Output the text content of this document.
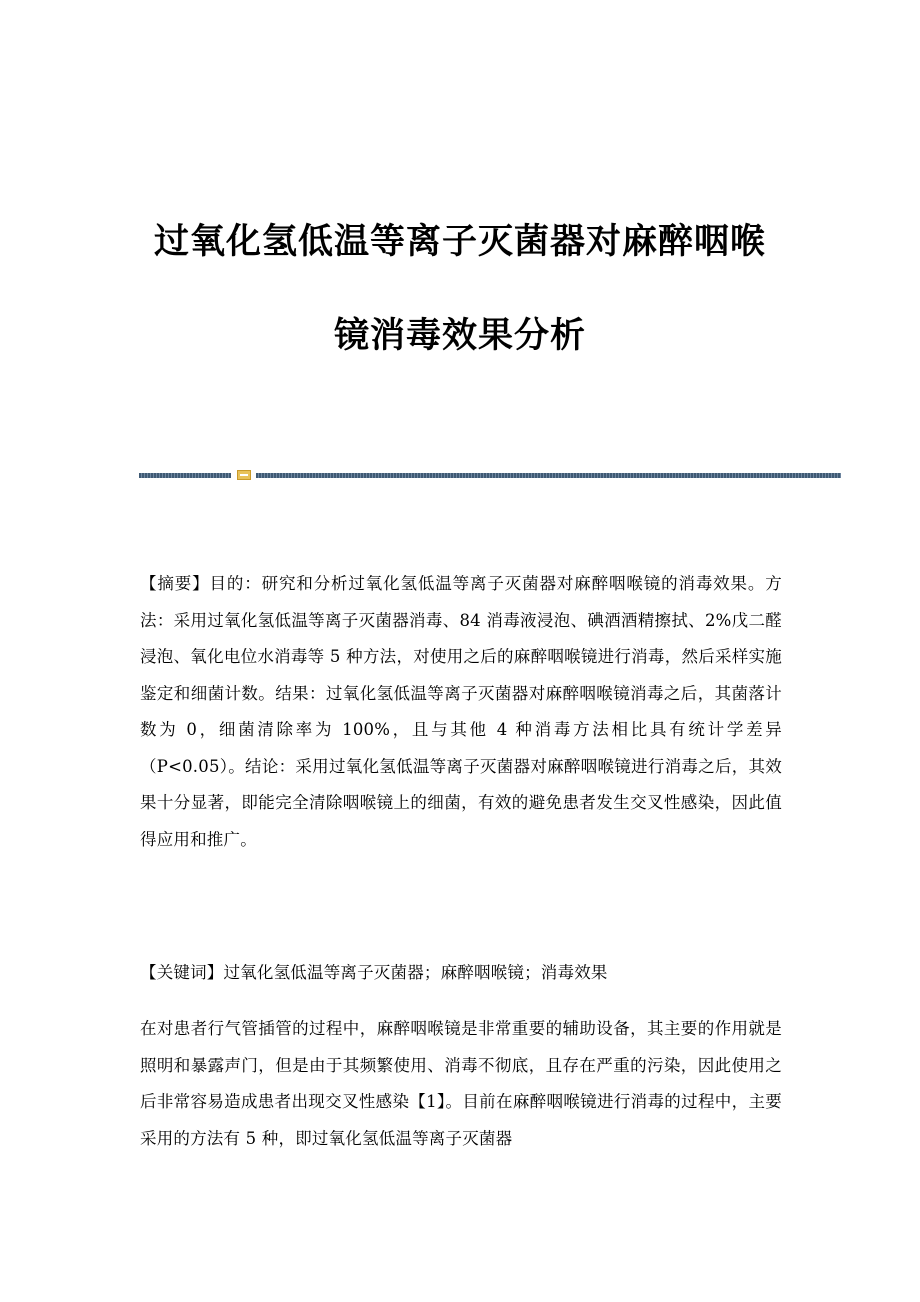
过氧化氢低温等离子灭菌器对麻醉咽喉
镜消毒效果分析
【摘要】目的：研究和分析过氧化氢低温等离子灭菌器对麻醉咽喉镜的消毒效果。方法：采用过氧化氢低温等离子灭菌器消毒、84 消毒液浸泡、碘酒酒精擦拭、2%戊二醛浸泡、氧化电位水消毒等 5 种方法，对使用之后的麻醉咽喉镜进行消毒，然后采样实施鉴定和细菌计数。结果：过氧化氢低温等离子灭菌器对麻醉咽喉镜消毒之后，其菌落计数为 0，细菌清除率为 100%，且与其他 4 种消毒方法相比具有统计学差异（P<0.05）。结论：采用过氧化氢低温等离子灭菌器对麻醉咽喉镜进行消毒之后，其效果十分显著，即能完全清除咽喉镜上的细菌，有效的避免患者发生交叉性感染，因此值得应用和推广。
【关键词】过氧化氢低温等离子灭菌器；麻醉咽喉镜；消毒效果
在对患者行气管插管的过程中，麻醉咽喉镜是非常重要的辅助设备，其主要的作用就是照明和暴露声门，但是由于其频繁使用、消毒不彻底，且存在严重的污染，因此使用之后非常容易造成患者出现交叉性感染【1】。目前在麻醉咽喉镜进行消毒的过程中，主要采用的方法有 5 种，即过氧化氢低温等离子灭菌器
